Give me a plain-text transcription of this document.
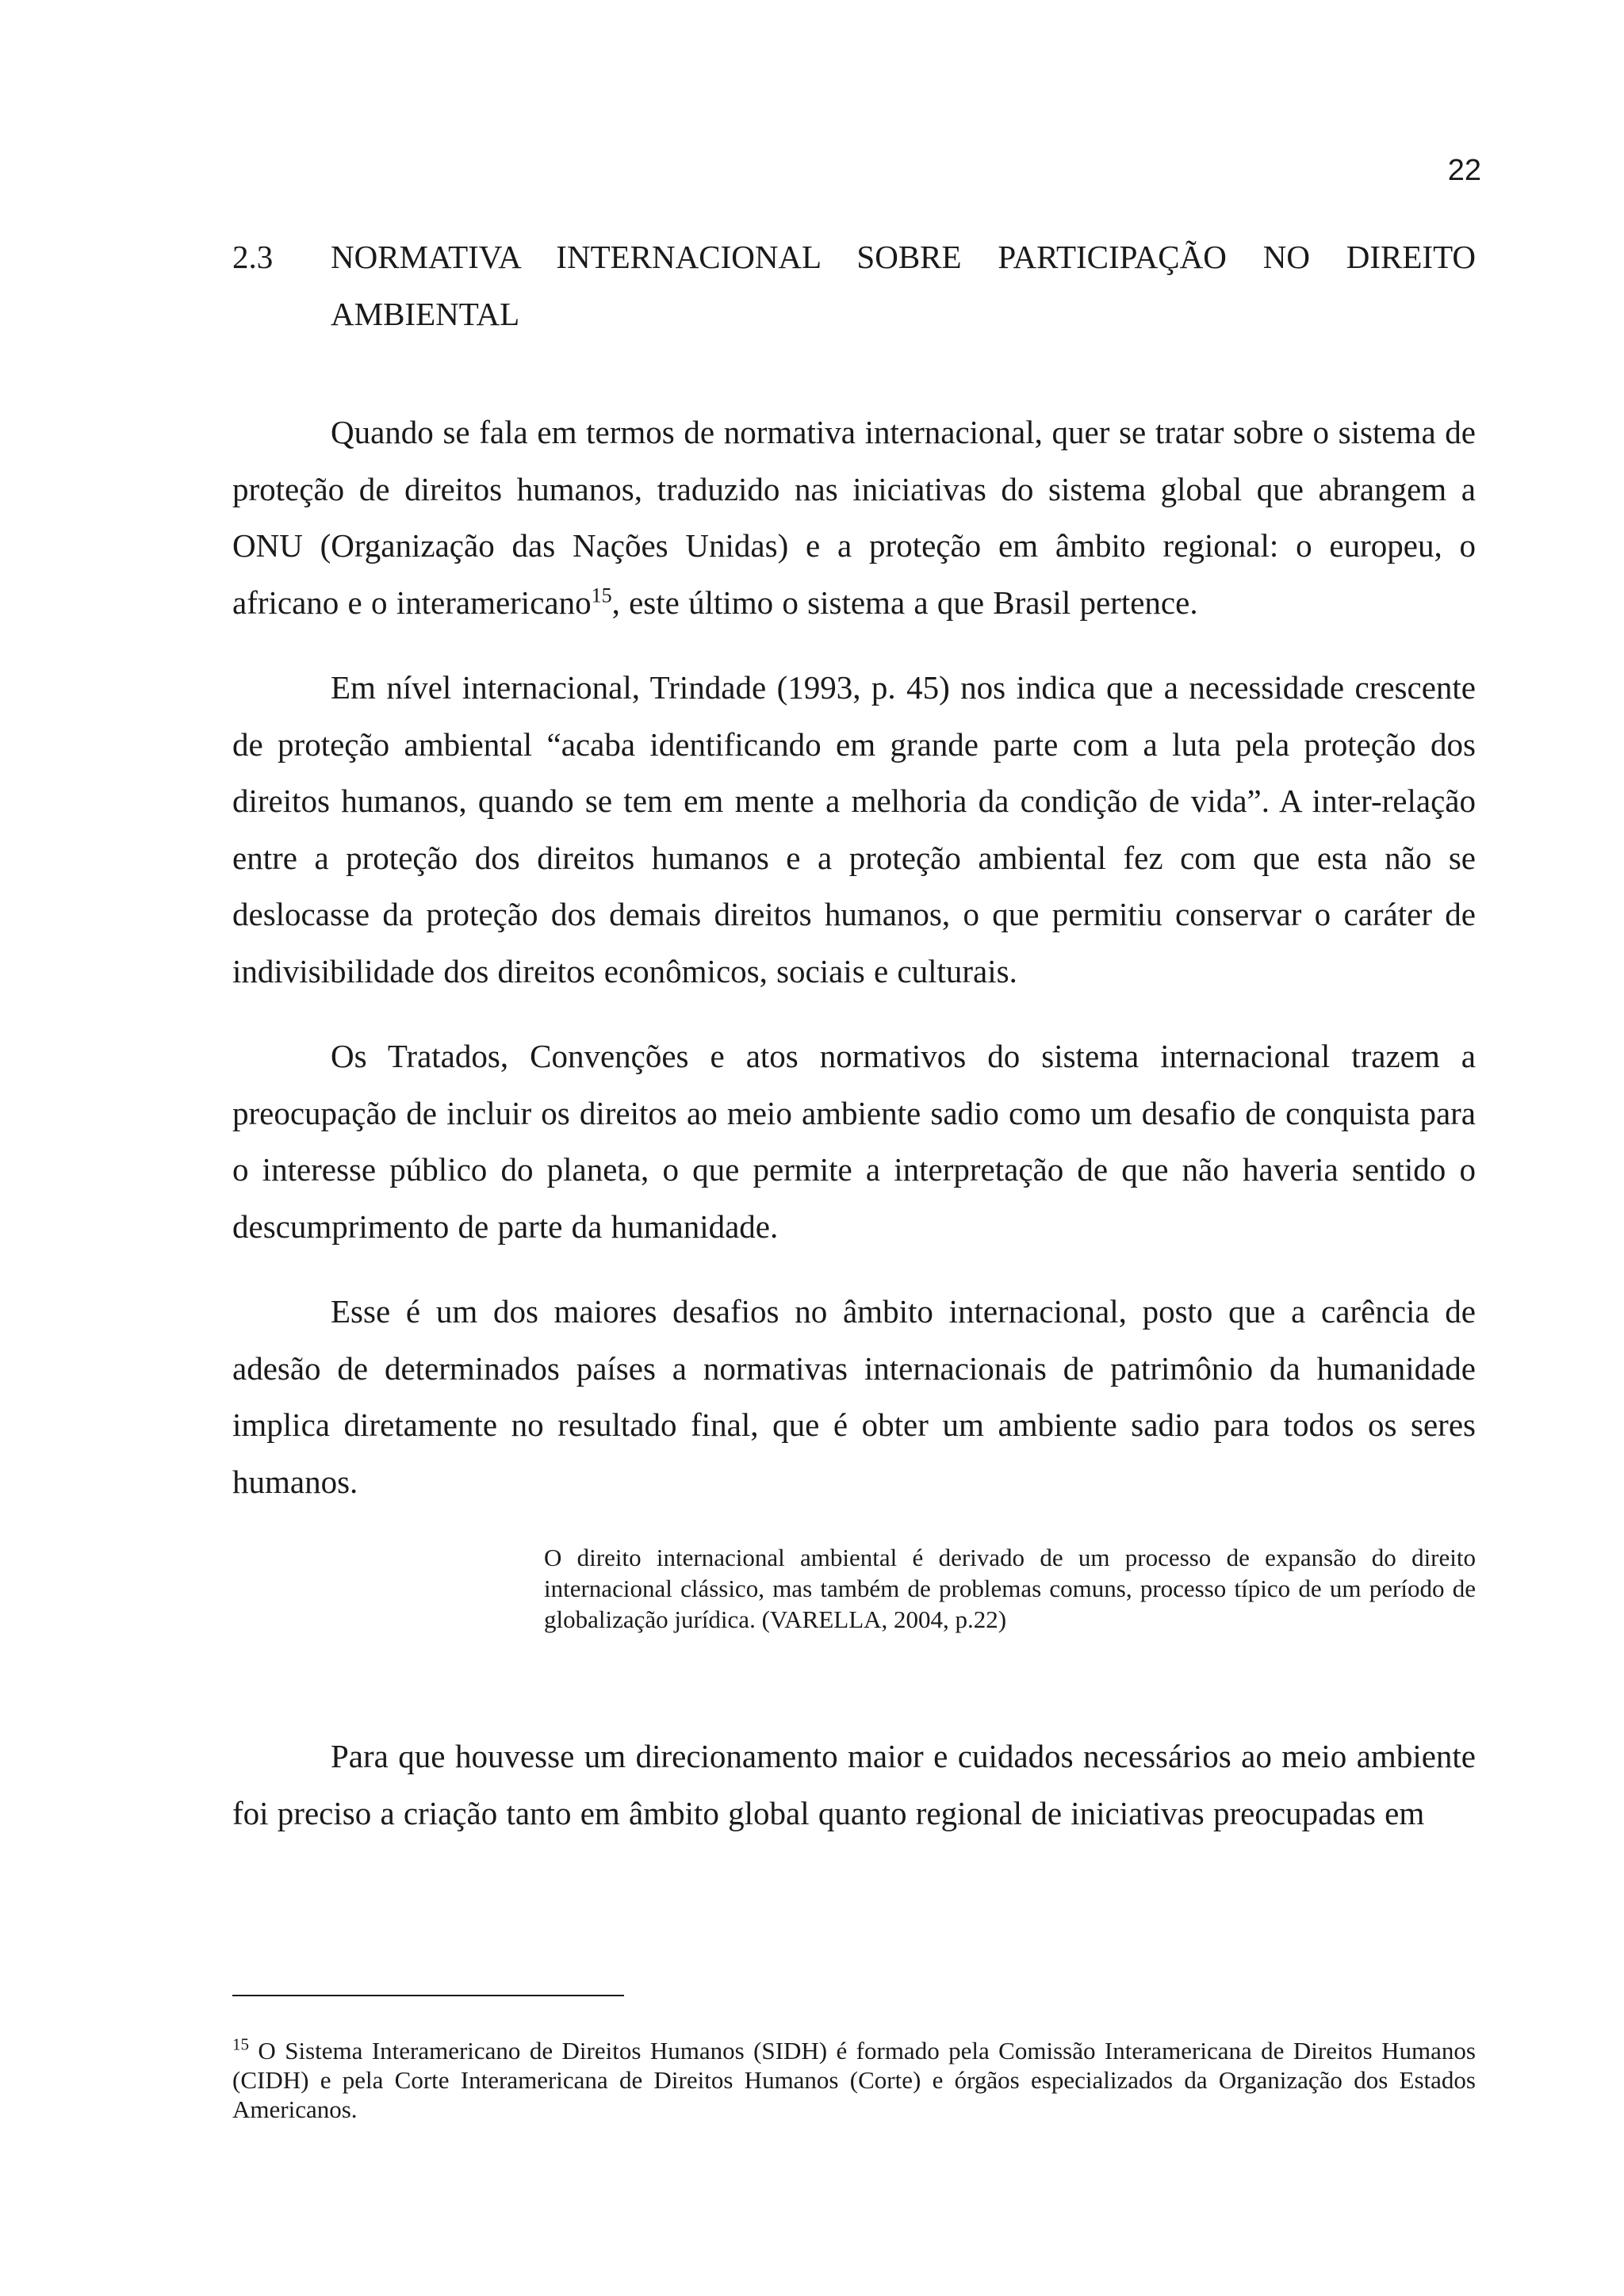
22
2.3	NORMATIVA INTERNACIONAL SOBRE PARTICIPAÇÃO NO DIREITO AMBIENTAL

Quando se fala em termos de normativa internacional, quer se tratar sobre o sistema de proteção de direitos humanos, traduzido nas iniciativas do sistema global que abrangem a ONU (Organização das Nações Unidas) e a proteção em âmbito regional: o europeu, o africano e o interamericano$^{15}$, este último o sistema a que Brasil pertence.

Em nível internacional, Trindade (1993, p. 45) nos indica que a necessidade crescente de proteção ambiental “acaba identificando em grande parte com a luta pela proteção dos direitos humanos, quando se tem em mente a melhoria da condição de vida”. A inter-relação entre a proteção dos direitos humanos e a proteção ambiental fez com que esta não se deslocasse da proteção dos demais direitos humanos, o que permitiu conservar o caráter de indivisibilidade dos direitos econômicos, sociais e culturais.

Os Tratados, Convenções e atos normativos do sistema internacional trazem a preocupação de incluir os direitos ao meio ambiente sadio como um desafio de conquista para o interesse público do planeta, o que permite a interpretação de que não haveria sentido o descumprimento de parte da humanidade.

Esse é um dos maiores desafios no âmbito internacional, posto que a carência de adesão de determinados países a normativas internacionais de patrimônio da humanidade implica diretamente no resultado final, que é obter um ambiente sadio para todos os seres humanos.

O direito internacional ambiental é derivado de um processo de expansão do direito internacional clássico, mas também de problemas comuns, processo típico de um período de globalização jurídica. (VARELLA, 2004, p.22)

Para que houvesse um direcionamento maior e cuidados necessários ao meio ambiente foi preciso a criação tanto em âmbito global quanto regional de iniciativas preocupadas em

$^{15}$ O Sistema Interamericano de Direitos Humanos (SIDH) é formado pela Comissão Interamericana de Direitos Humanos (CIDH) e pela Corte Interamericana de Direitos Humanos (Corte) e órgãos especializados da Organização dos Estados Americanos.
